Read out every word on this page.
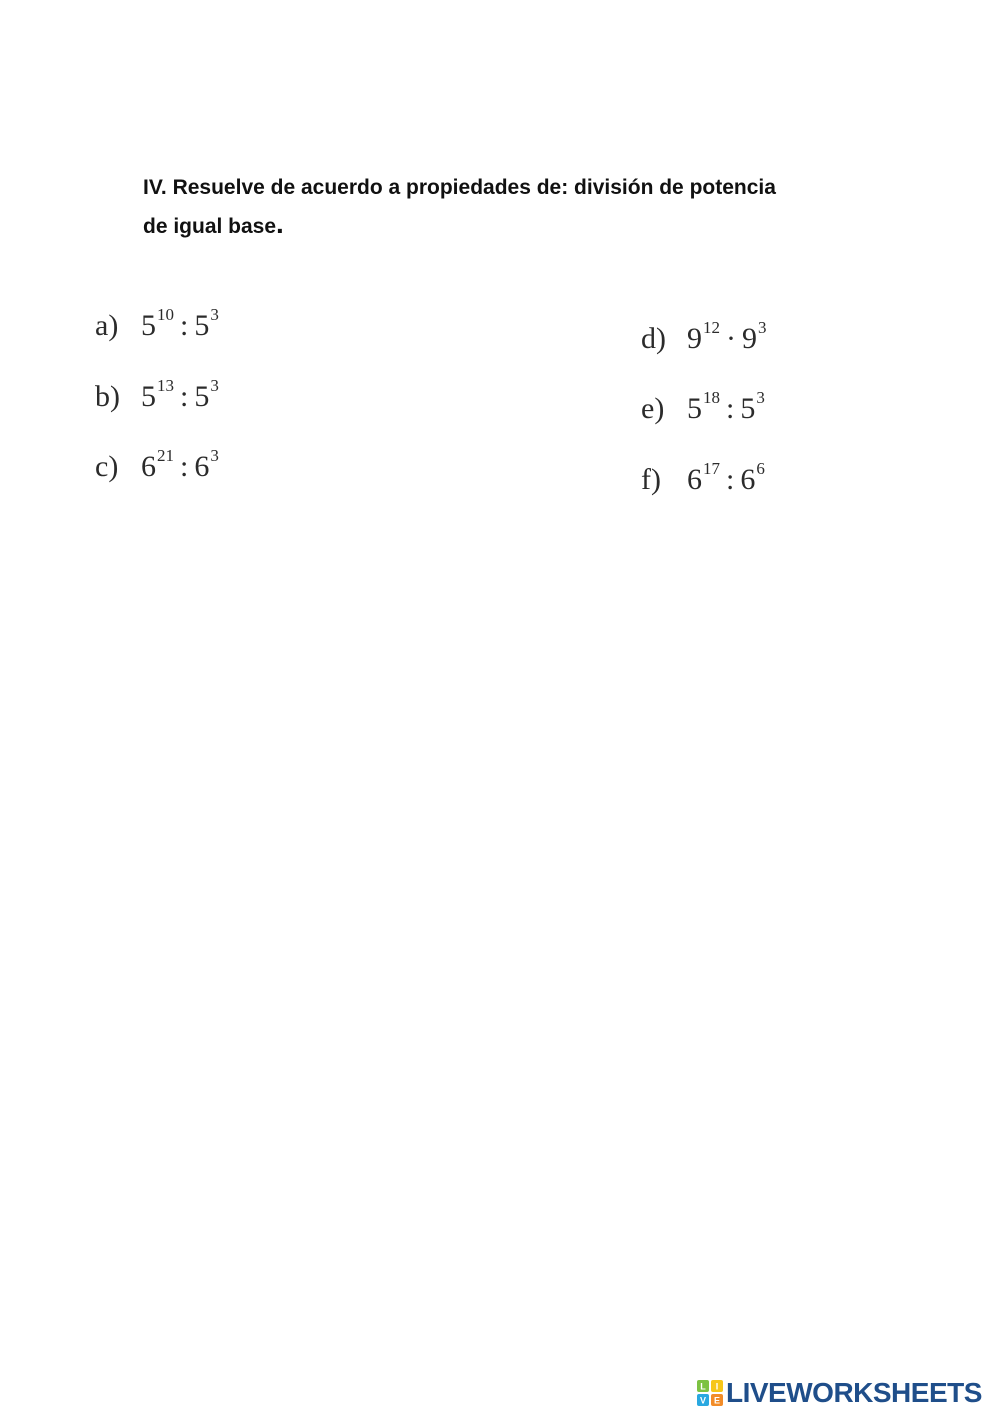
IV. Resuelve de acuerdo a propiedades de: división de potencia
de igual base.
a) $5^{10}$ : $5^3$
b) $5^{13}$ : $5^3$
c) $6^{21}$ : $6^3$
d) $9^{12} \cdot 9^3$
e) $5^{18}$ : $5^3$
f) $6^{17}$ : $6^6$
L I
V E LIVEWORKSHEETS
